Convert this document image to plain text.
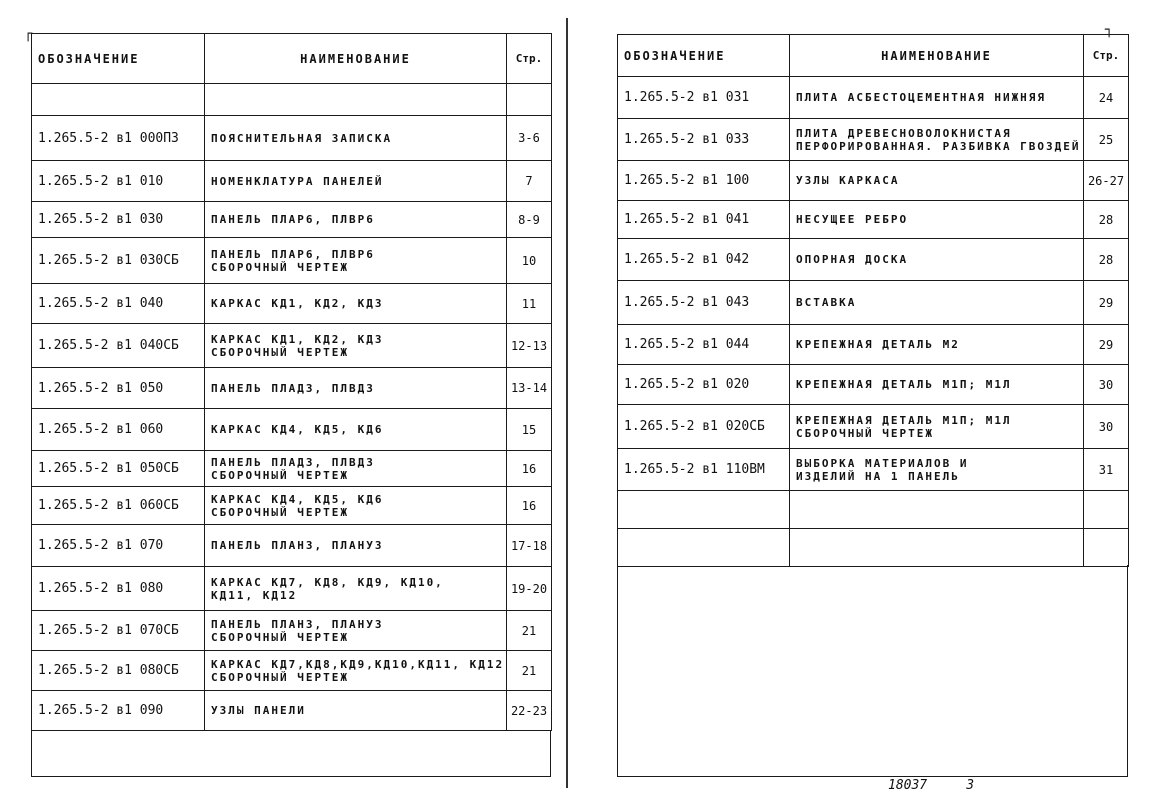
┌	┐
ОБОЗНАЧЕНИЕ	НАИМЕНОВАНИЕ	Стр.

1.265.5-2 в1 000ПЗ	ПОЯСНИТЕЛЬНАЯ ЗАПИСКА	3-6
1.265.5-2 в1 010	НОМЕНКЛАТУРА ПАНЕЛЕЙ	7
1.265.5-2 в1 030	ПАНЕЛЬ ПЛАР6, ПЛВР6	8-9
1.265.5-2 в1 030СБ	ПАНЕЛЬ ПЛАР6, ПЛВР6
СБОРОЧНЫЙ ЧЕРТЕЖ	10
1.265.5-2 в1 040	КАРКАС КД1, КД2, КД3	11
1.265.5-2 в1 040СБ	КАРКАС КД1, КД2, КД3
СБОРОЧНЫЙ ЧЕРТЕЖ	12-13
1.265.5-2 в1 050	ПАНЕЛЬ ПЛАД3, ПЛВД3	13-14
1.265.5-2 в1 060	КАРКАС КД4, КД5, КД6	15
1.265.5-2 в1 050СБ	ПАНЕЛЬ ПЛАД3, ПЛВД3
СБОРОЧНЫЙ ЧЕРТЕЖ	16
1.265.5-2 в1 060СБ	КАРКАС КД4, КД5, КД6
СБОРОЧНЫЙ ЧЕРТЕЖ	16
1.265.5-2 в1 070	ПАНЕЛЬ ПЛАН3, ПЛАНУ3	17-18
1.265.5-2 в1 080	КАРКАС КД7, КД8, КД9, КД10,
КД11, КД12	19-20
1.265.5-2 в1 070СБ	ПАНЕЛЬ ПЛАН3, ПЛАНУ3
СБОРОЧНЫЙ ЧЕРТЕЖ	21
1.265.5-2 в1 080СБ	КАРКАС КД7,КД8,КД9,КД10,КД11, КД12
СБОРОЧНЫЙ ЧЕРТЕЖ	21
1.265.5-2 в1 090	УЗЛЫ ПАНЕЛИ	22-23
ОБОЗНАЧЕНИЕ	НАИМЕНОВАНИЕ	Стр.
1.265.5-2 в1 031	ПЛИТА АСБЕСТОЦЕМЕНТНАЯ НИЖНЯЯ	24
1.265.5-2 в1 033	ПЛИТА ДРЕВЕСНОВОЛОКНИСТАЯ
ПЕРФОРИРОВАННАЯ. РАЗБИВКА ГВОЗДЕЙ	25
1.265.5-2 в1 100	УЗЛЫ КАРКАСА	26-27
1.265.5-2 в1 041	НЕСУЩЕЕ РЕБРО	28
1.265.5-2 в1 042	ОПОРНАЯ ДОСКА	28
1.265.5-2 в1 043	ВСТАВКА	29
1.265.5-2 в1 044	КРЕПЕЖНАЯ ДЕТАЛЬ М2	29
1.265.5-2 в1 020	КРЕПЕЖНАЯ ДЕТАЛЬ М1П; М1Л	30
1.265.5-2 в1 020СБ	КРЕПЕЖНАЯ ДЕТАЛЬ М1П; М1Л
СБОРОЧНЫЙ ЧЕРТЕЖ	30
1.265.5-2 в1 110ВМ	ВЫБОРКА МАТЕРИАЛОВ И
ИЗДЕЛИЙ НА 1 ПАНЕЛЬ	31

18037	3
